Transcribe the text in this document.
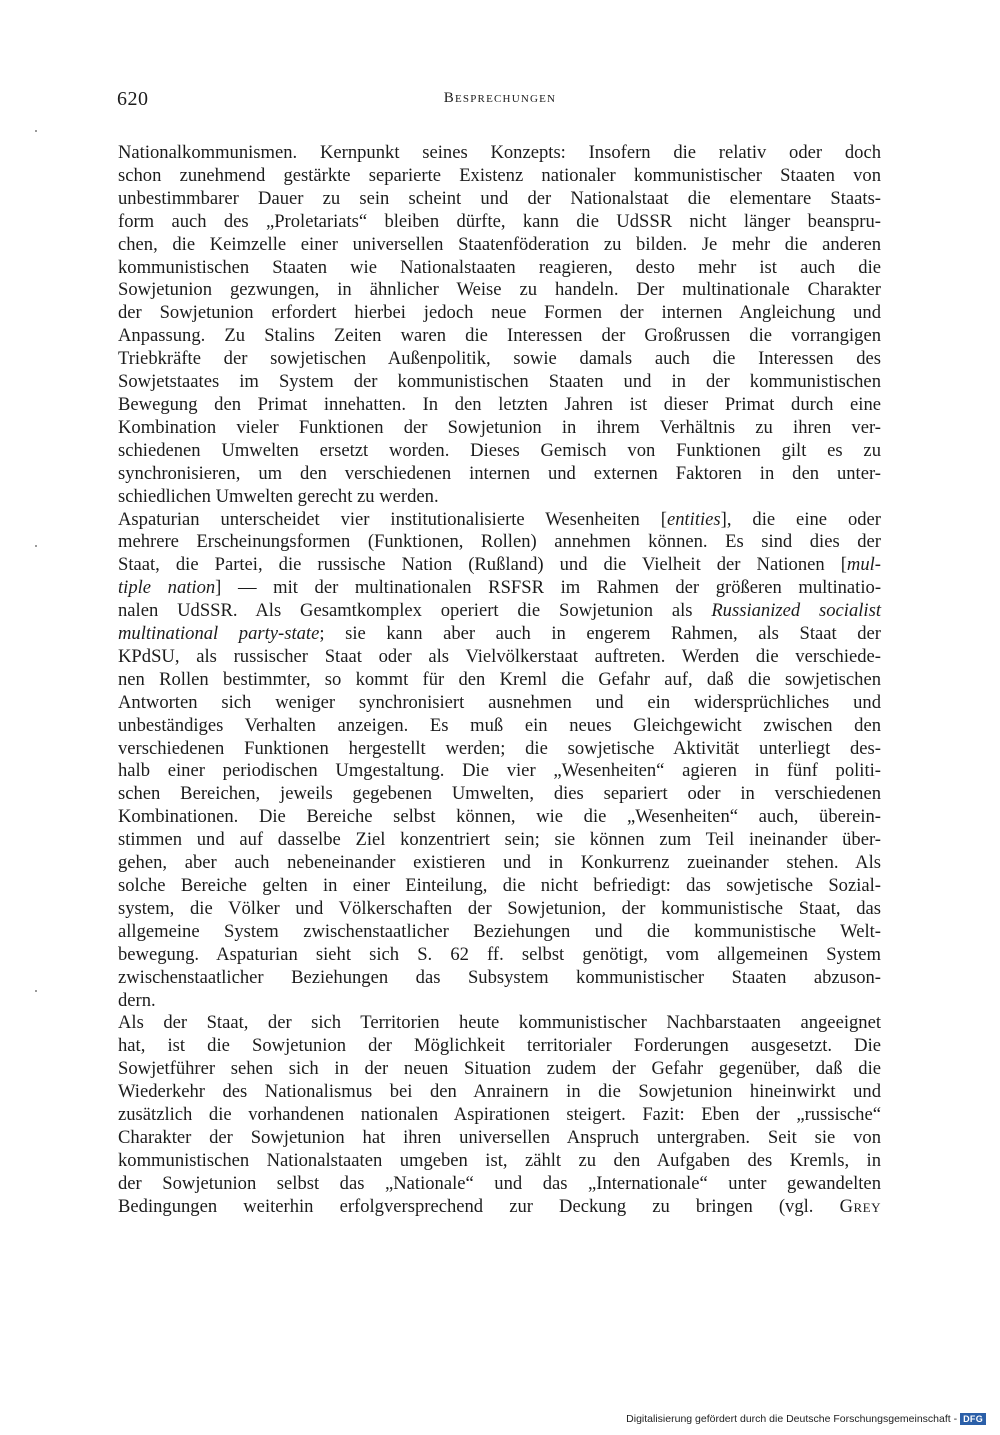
620	Besprechungen
Nationalkommunismen. Kernpunkt seines Konzepts: Insofern die relativ oder doch
schon zunehmend gestärkte separierte Existenz nationaler kommunistischer Staaten von
unbestimmbarer Dauer zu sein scheint und der Nationalstaat die elementare Staats-
form auch des „Proletariats“ bleiben dürfte, kann die UdSSR nicht länger beanspru-
chen, die Keimzelle einer universellen Staatenföderation zu bilden. Je mehr die anderen
kommunistischen Staaten wie Nationalstaaten reagieren, desto mehr ist auch die
Sowjetunion gezwungen, in ähnlicher Weise zu handeln. Der multinationale Charakter
der Sowjetunion erfordert hierbei jedoch neue Formen der internen Angleichung und
Anpassung. Zu Stalins Zeiten waren die Interessen der Großrussen die vorrangigen
Triebkräfte der sowjetischen Außenpolitik, sowie damals auch die Interessen des
Sowjetstaates im System der kommunistischen Staaten und in der kommunistischen
Bewegung den Primat innehatten. In den letzten Jahren ist dieser Primat durch eine
Kombination vieler Funktionen der Sowjetunion in ihrem Verhältnis zu ihren ver-
schiedenen Umwelten ersetzt worden. Dieses Gemisch von Funktionen gilt es zu
synchronisieren, um den verschiedenen internen und externen Faktoren in den unter-
schiedlichen Umwelten gerecht zu werden.
Aspaturian unterscheidet vier institutionalisierte Wesenheiten [entities], die eine oder
mehrere Erscheinungsformen (Funktionen, Rollen) annehmen können. Es sind dies der
Staat, die Partei, die russische Nation (Rußland) und die Vielheit der Nationen [mul-
tiple nation] — mit der multinationalen RSFSR im Rahmen der größeren multinatio-
nalen UdSSR. Als Gesamtkomplex operiert die Sowjetunion als Russianized socialist
multinational party-state; sie kann aber auch in engerem Rahmen, als Staat der
KPdSU, als russischer Staat oder als Vielvölkerstaat auftreten. Werden die verschiede-
nen Rollen bestimmter, so kommt für den Kreml die Gefahr auf, daß die sowjetischen
Antworten sich weniger synchronisiert ausnehmen und ein widersprüchliches und
unbeständiges Verhalten anzeigen. Es muß ein neues Gleichgewicht zwischen den
verschiedenen Funktionen hergestellt werden; die sowjetische Aktivität unterliegt des-
halb einer periodischen Umgestaltung. Die vier „Wesenheiten“ agieren in fünf politi-
schen Bereichen, jeweils gegebenen Umwelten, dies separiert oder in verschiedenen
Kombinationen. Die Bereiche selbst können, wie die „Wesenheiten“ auch, überein-
stimmen und auf dasselbe Ziel konzentriert sein; sie können zum Teil ineinander über-
gehen, aber auch nebeneinander existieren und in Konkurrenz zueinander stehen. Als
solche Bereiche gelten in einer Einteilung, die nicht befriedigt: das sowjetische Sozial-
system, die Völker und Völkerschaften der Sowjetunion, der kommunistische Staat, das
allgemeine System zwischenstaatlicher Beziehungen und die kommunistische Welt-
bewegung. Aspaturian sieht sich S. 62 ff. selbst genötigt, vom allgemeinen System
zwischenstaatlicher Beziehungen das Subsystem kommunistischer Staaten abzuson-
dern.
Als der Staat, der sich Territorien heute kommunistischer Nachbarstaaten angeeignet
hat, ist die Sowjetunion der Möglichkeit territorialer Forderungen ausgesetzt. Die
Sowjetführer sehen sich in der neuen Situation zudem der Gefahr gegenüber, daß die
Wiederkehr des Nationalismus bei den Anrainern in die Sowjetunion hineinwirkt und
zusätzlich die vorhandenen nationalen Aspirationen steigert. Fazit: Eben der „russische“
Charakter der Sowjetunion hat ihren universellen Anspruch untergraben. Seit sie von
kommunistischen Nationalstaaten umgeben ist, zählt zu den Aufgaben des Kremls, in
der Sowjetunion selbst das „Nationale“ und das „Internationale“ unter gewandelten
Bedingungen weiterhin erfolgversprechend zur Deckung zu bringen (vgl. Grey
Digitalisierung gefördert durch die Deutsche Forschungsgemeinschaft - DFG
